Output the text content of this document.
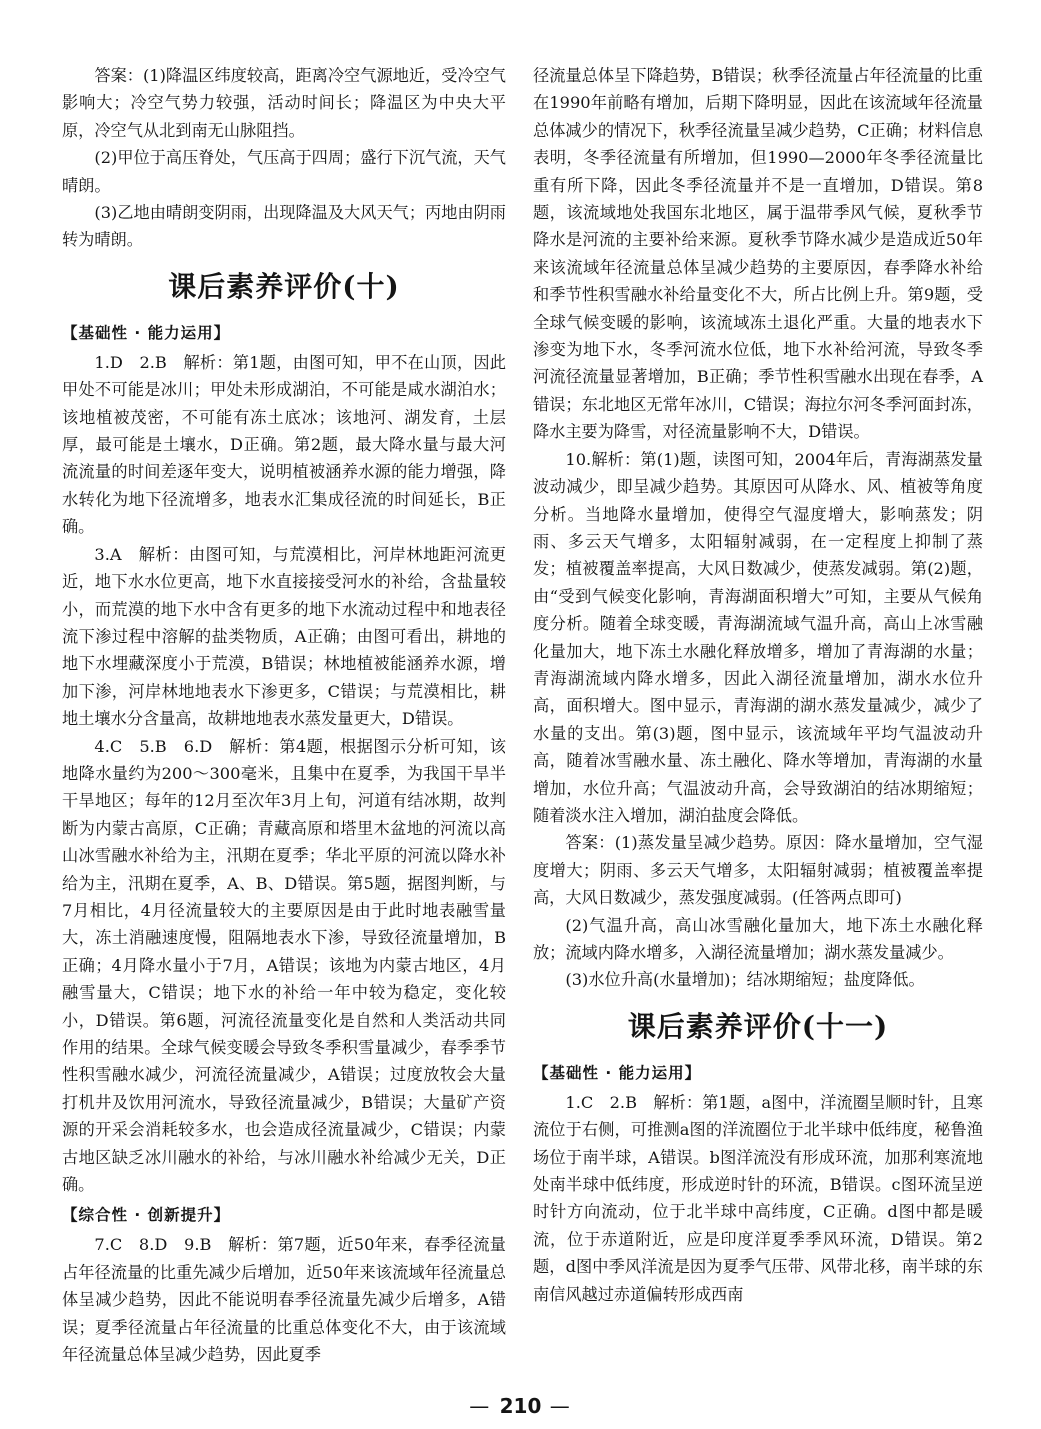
答案：(1)降温区纬度较高，距离冷空气源地近，受冷空气影响大；冷空气势力较强，活动时间长；降温区为中央大平原，冷空气从北到南无山脉阻挡。

(2)甲位于高压脊处，气压高于四周；盛行下沉气流，天气晴朗。

(3)乙地由晴朗变阴雨，出现降温及大风天气；丙地由阴雨转为晴朗。

课后素养评价(十)
【基础性 · 能力运用】

1.D　2.B　解析：第1题，由图可知，甲不在山顶，因此甲处不可能是冰川；甲处未形成湖泊，不可能是咸水湖泊水；该地植被茂密，不可能有冻土底冰；该地河、湖发育，土层厚，最可能是土壤水，D正确。第2题，最大降水量与最大河流流量的时间差逐年变大，说明植被涵养水源的能力增强，降水转化为地下径流增多，地表水汇集成径流的时间延长，B正确。

3.A　解析：由图可知，与荒漠相比，河岸林地距河流更近，地下水水位更高，地下水直接接受河水的补给，含盐量较小，而荒漠的地下水中含有更多的地下水流动过程中和地表径流下渗过程中溶解的盐类物质，A正确；由图可看出，耕地的地下水埋藏深度小于荒漠，B错误；林地植被能涵养水源，增加下渗，河岸林地地表水下渗更多，C错误；与荒漠相比，耕地土壤水分含量高，故耕地地表水蒸发量更大，D错误。

4.C　5.B　6.D　解析：第4题，根据图示分析可知，该地降水量约为200～300毫米，且集中在夏季，为我国干旱半干旱地区；每年的12月至次年3月上旬，河道有结冰期，故判断为内蒙古高原，C正确；青藏高原和塔里木盆地的河流以高山冰雪融水补给为主，汛期在夏季；华北平原的河流以降水补给为主，汛期在夏季，A、B、D错误。第5题，据图判断，与7月相比，4月径流量较大的主要原因是由于此时地表融雪量大，冻土消融速度慢，阻隔地表水下渗，导致径流量增加，B正确；4月降水量小于7月，A错误；该地为内蒙古地区，4月融雪量大，C错误；地下水的补给一年中较为稳定，变化较小，D错误。第6题，河流径流量变化是自然和人类活动共同作用的结果。全球气候变暖会导致冬季积雪量减少，春季季节性积雪融水减少，河流径流量减少，A错误；过度放牧会大量打机井及饮用河流水，导致径流量减少，B错误；大量矿产资源的开采会消耗较多水，也会造成径流量减少，C错误；内蒙古地区缺乏冰川融水的补给，与冰川融水补给减少无关，D正确。

【综合性 · 创新提升】

7.C　8.D　9.B　解析：第7题，近50年来，春季径流量占年径流量的比重先减少后增加，近50年来该流域年径流量总体呈减少趋势，因此不能说明春季径流量先减少后增多，A错误；夏季径流量占年径流量的比重总体变化不大，由于该流域年径流量总体呈减少趋势，因此夏季

径流量总体呈下降趋势，B错误；秋季径流量占年径流量的比重在1990年前略有增加，后期下降明显，因此在该流域年径流量总体减少的情况下，秋季径流量呈减少趋势，C正确；材料信息表明，冬季径流量有所增加，但1990—2000年冬季径流量比重有所下降，因此冬季径流量并不是一直增加，D错误。第8题，该流域地处我国东北地区，属于温带季风气候，夏秋季节降水是河流的主要补给来源。夏秋季节降水减少是造成近50年来该流域年径流量总体呈减少趋势的主要原因，春季降水补给和季节性积雪融水补给量变化不大，所占比例上升。第9题，受全球气候变暖的影响，该流域冻土退化严重。大量的地表水下渗变为地下水，冬季河流水位低，地下水补给河流，导致冬季河流径流量显著增加，B正确；季节性积雪融水出现在春季，A错误；东北地区无常年冰川，C错误；海拉尔河冬季河面封冻，降水主要为降雪，对径流量影响不大，D错误。

10.解析：第(1)题，读图可知，2004年后，青海湖蒸发量波动减少，即呈减少趋势。其原因可从降水、风、植被等角度分析。当地降水量增加，使得空气湿度增大，影响蒸发；阴雨、多云天气增多，太阳辐射减弱，在一定程度上抑制了蒸发；植被覆盖率提高，大风日数减少，使蒸发减弱。第(2)题，由“受到气候变化影响，青海湖面积增大”可知，主要从气候角度分析。随着全球变暖，青海湖流域气温升高，高山上冰雪融化量加大，地下冻土水融化释放增多，增加了青海湖的水量；青海湖流域内降水增多，因此入湖径流量增加，湖水水位升高，面积增大。图中显示，青海湖的湖水蒸发量减少，减少了水量的支出。第(3)题，图中显示，该流域年平均气温波动升高，随着冰雪融水量、冻土融化、降水等增加，青海湖的水量增加，水位升高；气温波动升高，会导致湖泊的结冰期缩短；随着淡水注入增加，湖泊盐度会降低。

答案：(1)蒸发量呈减少趋势。原因：降水量增加，空气湿度增大；阴雨、多云天气增多，太阳辐射减弱；植被覆盖率提高，大风日数减少，蒸发强度减弱。(任答两点即可)

(2)气温升高，高山冰雪融化量加大，地下冻土水融化释放；流域内降水增多，入湖径流量增加；湖水蒸发量减少。

(3)水位升高(水量增加)；结冰期缩短；盐度降低。

课后素养评价(十一)
【基础性 · 能力运用】

1.C　2.B　解析：第1题，a图中，洋流圈呈顺时针，且寒流位于右侧，可推测a图的洋流圈位于北半球中低纬度，秘鲁渔场位于南半球，A错误。b图洋流没有形成环流，加那利寒流地处南半球中低纬度，形成逆时针的环流，B错误。c图环流呈逆时针方向流动，位于北半球中高纬度，C正确。d图中都是暖流，位于赤道附近，应是印度洋夏季季风环流，D错误。第2题，d图中季风洋流是因为夏季气压带、风带北移，南半球的东南信风越过赤道偏转形成西南

— 210 —
